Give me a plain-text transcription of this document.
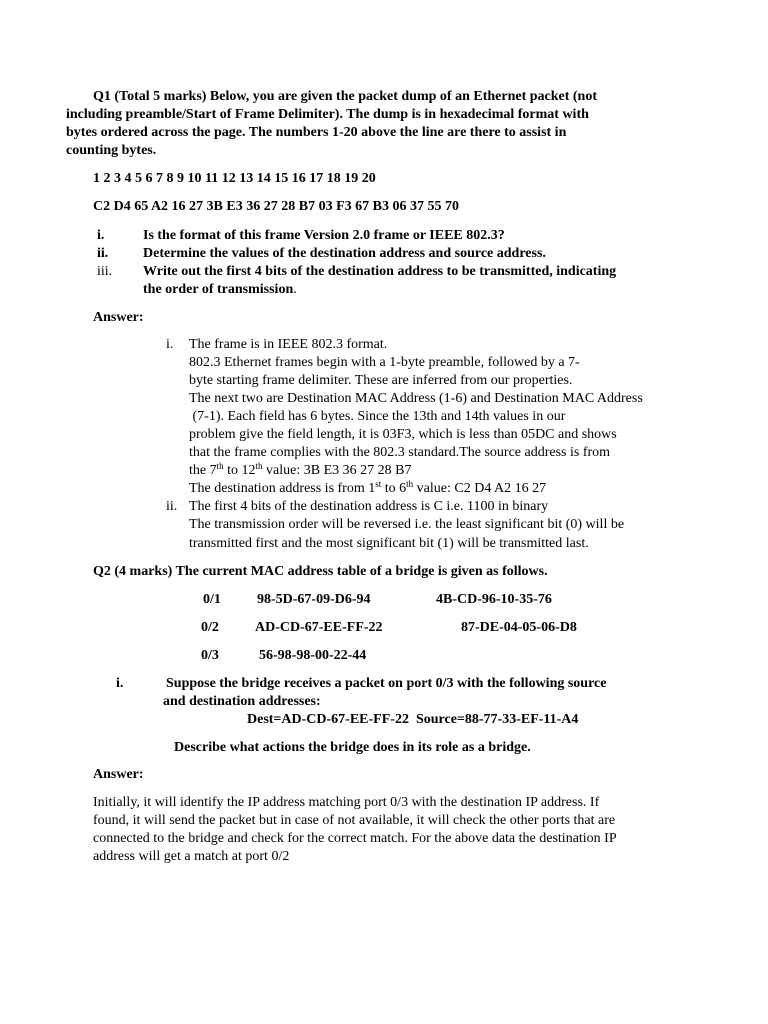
Q1 (Total 5 marks) Below, you are given the packet dump of an Ethernet packet (not
including preamble/Start of Frame Delimiter). The dump is in hexadecimal format with
bytes ordered across the page. The numbers 1-20 above the line are there to assist in
counting bytes.
1 2 3 4 5 6 7 8 9 10 11 12 13 14 15 16 17 18 19 20
C2 D4 65 A2 16 27 3B E3 36 27 28 B7 03 F3 67 B3 06 37 55 70
i.	Is the format of this frame Version 2.0 frame or IEEE 802.3?
ii. Determine the values of the destination address and source address.
iii. Write out the first 4 bits of the destination address to be transmitted, indicating
the order of transmission.
Answer:
i. The frame is in IEEE 802.3 format.
802.3 Ethernet frames begin with a 1-byte preamble, followed by a 7-
byte starting frame delimiter. These are inferred from our properties.
The next two are Destination MAC Address (1-6) and Destination MAC Address
(7-1). Each field has 6 bytes. Since the 13th and 14th values in our
problem give the field length, it is 03F3, which is less than 05DC and shows
that the frame complies with the 802.3 standard.The source address is from
the 7th to 12th value: 3B E3 36 27 28 B7
The destination address is from 1st to 6th value: C2 D4 A2 16 27
ii. The first 4 bits of the destination address is C i.e. 1100 in binary
The transmission order will be reversed i.e. the least significant bit (0) will be
transmitted first and the most significant bit (1) will be transmitted last.
Q2 (4 marks) The current MAC address table of a bridge is given as follows.
0/1	98-5D-67-09-D6-94	4B-CD-96-10-35-76
0/2	AD-CD-67-EE-FF-22	87-DE-04-05-06-D8
0/3	56-98-98-00-22-44
i.	Suppose the bridge receives a packet on port 0/3 with the following source
and destination addresses:
Dest=AD-CD-67-EE-FF-22  Source=88-77-33-EF-11-A4
Describe what actions the bridge does in its role as a bridge.
Answer:
Initially, it will identify the IP address matching port 0/3 with the destination IP address. If
found, it will send the packet but in case of not available, it will check the other ports that are
connected to the bridge and check for the correct match. For the above data the destination IP
address will get a match at port 0/2
